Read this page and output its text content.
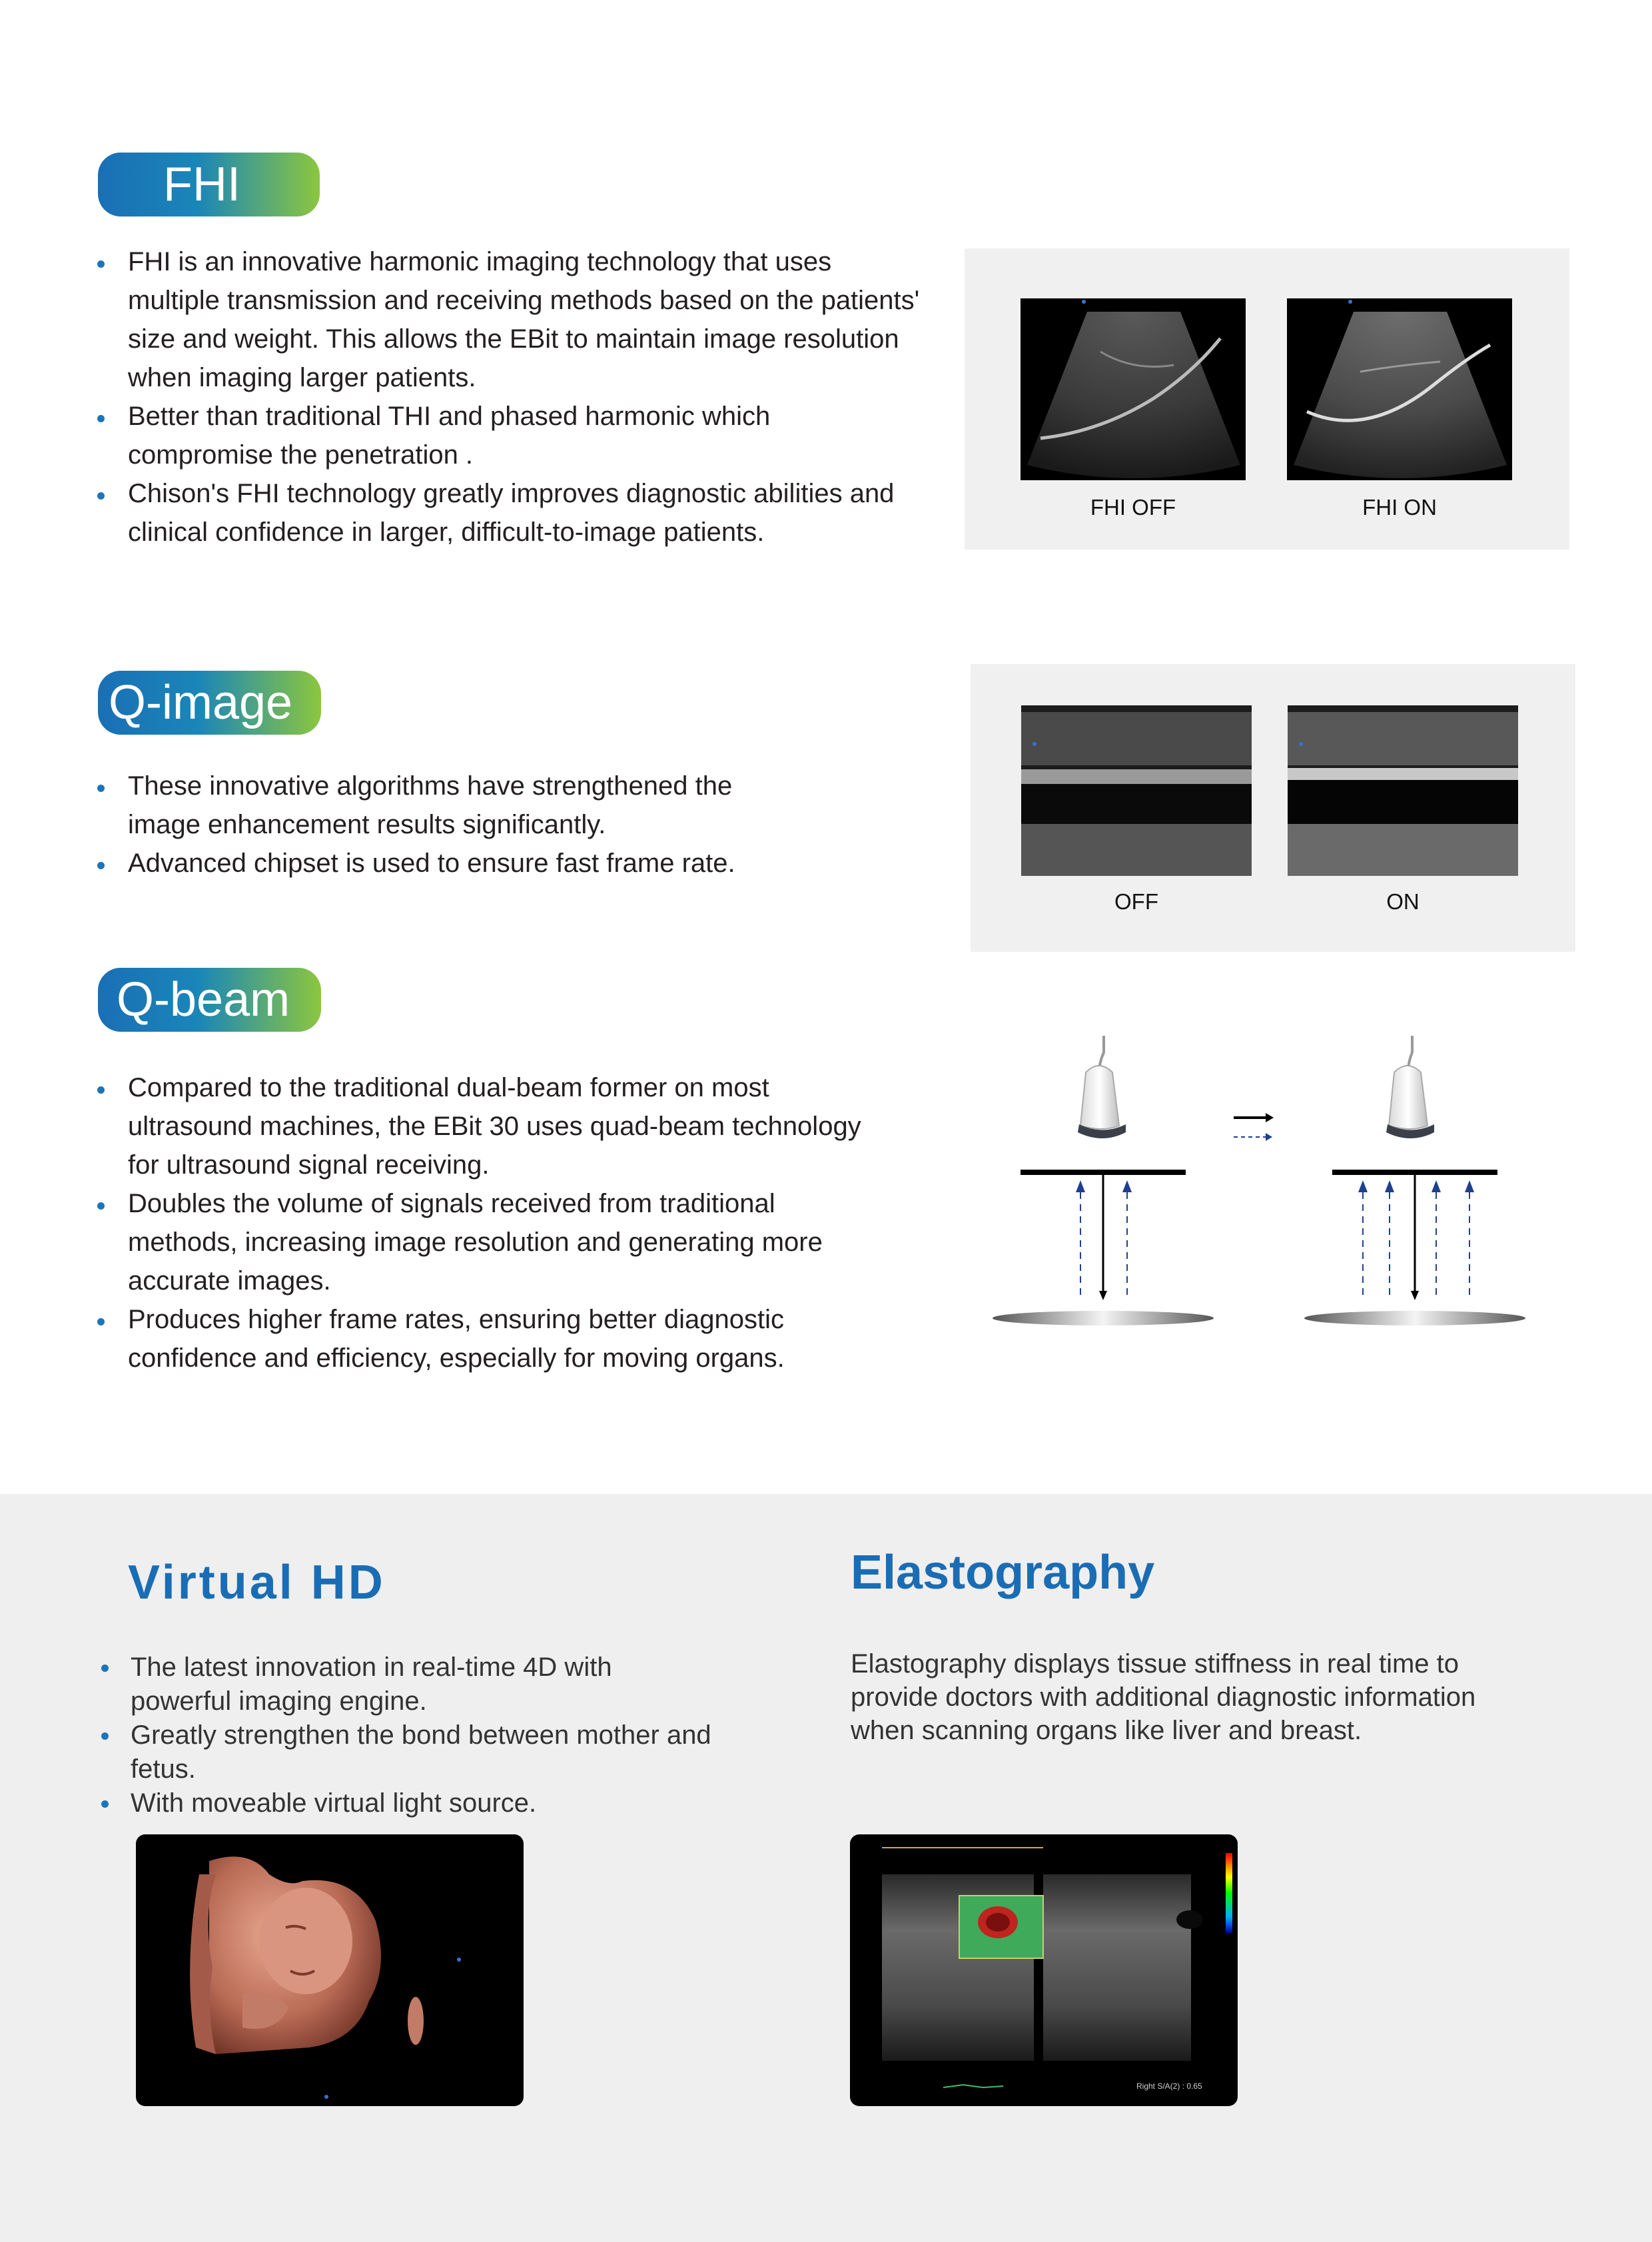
FHI
FHI is an innovative harmonic imaging technology that uses multiple transmission and receiving methods based on the patients' size and weight. This allows the EBit to maintain image resolution when imaging larger patients.
Better than traditional THI and phased harmonic which compromise the penetration .
Chison's FHI technology greatly improves diagnostic abilities and clinical confidence in larger, difficult-to-image patients.
FHI OFF	FHI ON
Q-image
These innovative algorithms have strengthened the image enhancement results significantly.
Advanced chipset is used to ensure fast frame rate.
OFF	ON
Q-beam
Compared to the traditional dual-beam former on most ultrasound machines, the EBit 30 uses quad-beam technology for ultrasound signal receiving.
Doubles the volume of signals received from traditional methods, increasing image resolution and generating more accurate images.
Produces higher frame rates, ensuring better diagnostic confidence and efficiency, especially for moving organs.
Virtual HD
The latest innovation in real-time 4D with powerful imaging engine.
Greatly strengthen the bond between mother and fetus.
With moveable virtual light source.
Elastography
Elastography displays tissue stiffness in real time to provide doctors with additional diagnostic information when scanning organs like liver and breast.
Right S/A(2) : 0.65
